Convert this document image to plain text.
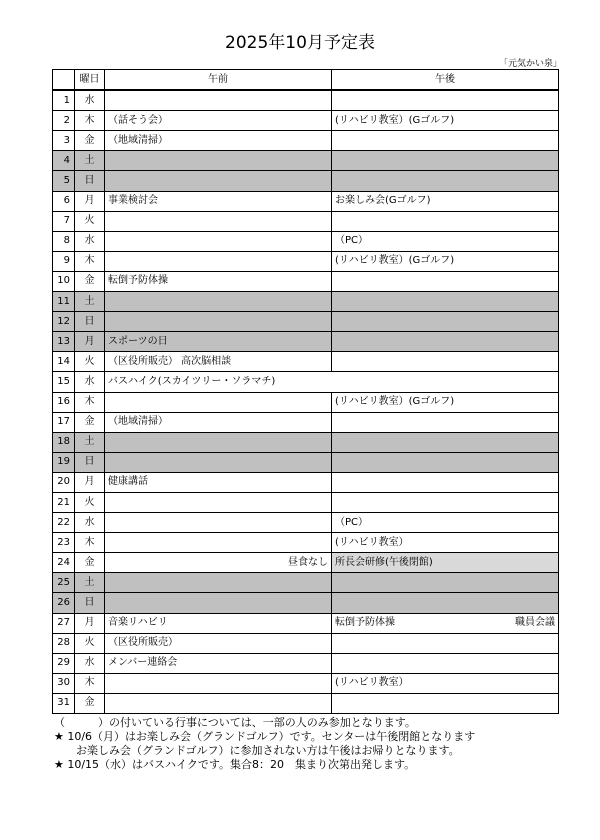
2025年10月予定表
「元気かい泉」
	曜日	午前	午後
1	水		
2	木	（話そう会）	(リハビリ教室）(Gゴルフ)
3	金	（地域清掃）	
4	土		
5	日		
6	月	事業検討会	お楽しみ会(Gゴルフ)
7	火		
8	水		（PC）
9	木		(リハビリ教室）(Gゴルフ)
10	金	転倒予防体操	
11	土		
12	日		
13	月	スポーツの日	
14	火	（区役所販売） 高次脳相談	
15	水	バスハイク(スカイツリー・ソラマチ)	
16	木		(リハビリ教室）(Gゴルフ)
17	金	（地域清掃）	
18	土		
19	日		
20	月	健康講話	
21	火		
22	水		（PC）
23	木		(リハビリ教室）
24	金	昼食なし	所長会研修(午後閉館)
25	土		
26	日		
27	月	音楽リハビリ	転倒予防体操 職員会議

28	火	（区役所販売）	
29	水	メンバー連絡会	
30	木		(リハビリ教室）
31	金		
（　　　）の付いている行事については、一部の人のみ参加となります。
★ 10/6（月）はお楽しみ会（グランドゴルフ）です。センターは午後閉館となります
お楽しみ会（グランドゴルフ）に参加されない方は午後はお帰りとなります。
★ 10/15（水）はバスハイクです。集合8：20　集まり次第出発します。
